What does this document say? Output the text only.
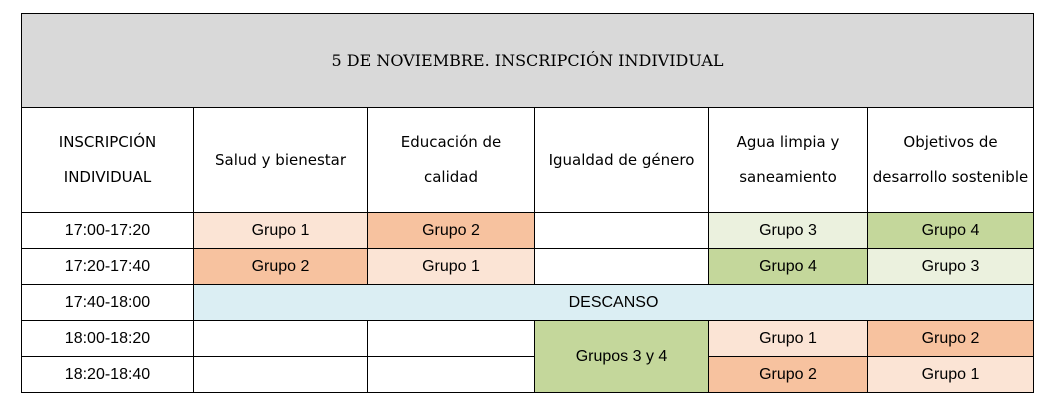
5 DE NOVIEMBRE. INSCRIPCIÓN INDIVIDUAL					
INSCRIPCIÓN INDIVIDUAL	Salud y bienestar	Educación de calidad	Igualdad de género	Agua limpia y saneamiento	Objetivos de desarrollo sostenible
17:00-17:20	Grupo 1	Grupo 2		Grupo 3	Grupo 4
17:20-17:40	Grupo 2	Grupo 1		Grupo 4	Grupo 3
17:40-18:00	DESCANSO				
18:00-18:20			Grupos 3 y 4	Grupo 1	Grupo 2
18:20-18:40				Grupo 2	Grupo 1
